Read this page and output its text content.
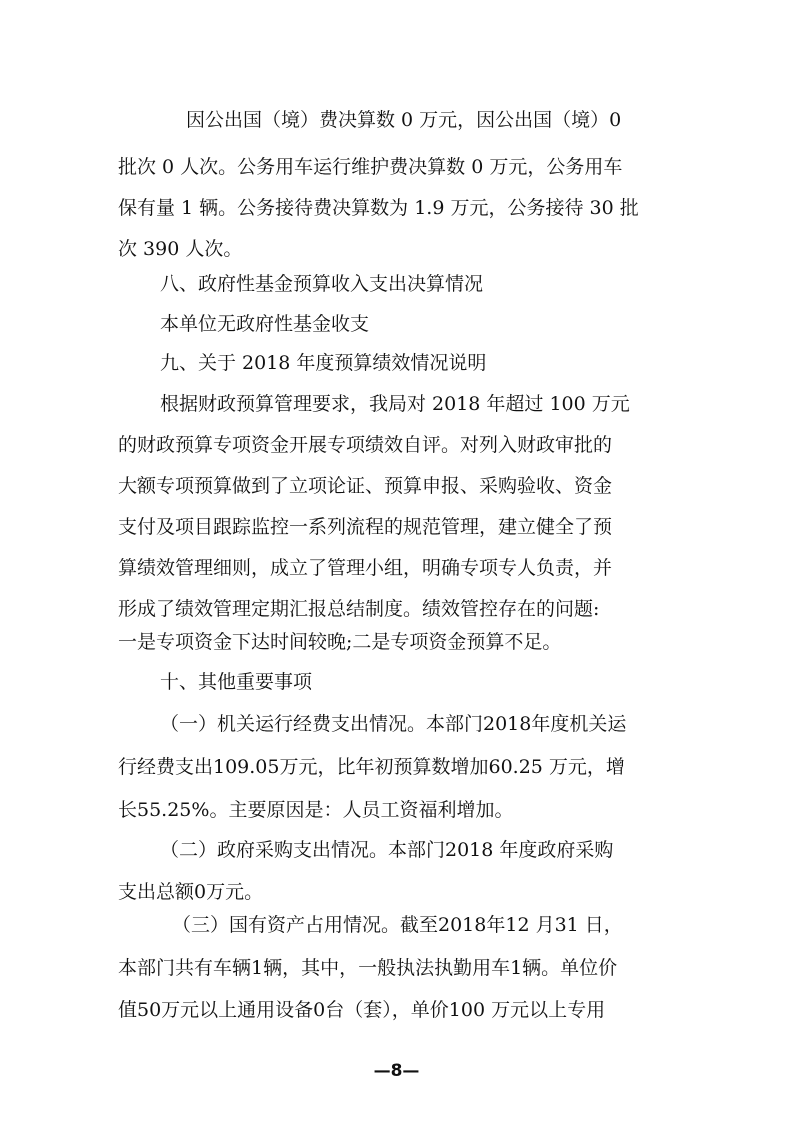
因公出国（境）费决算数 0 万元，因公出国（境）0

批次 0 人次。公务用车运行维护费决算数 0 万元，公务用车

保有量 1 辆。公务接待费决算数为 1.9 万元，公务接待 30 批

次 390 人次。

八、政府性基金预算收入支出决算情况

本单位无政府性基金收支

九、关于 2018 年度预算绩效情况说明

根据财政预算管理要求，我局对 2018 年超过 100 万元

的财政预算专项资金开展专项绩效自评。对列入财政审批的

大额专项预算做到了立项论证、预算申报、采购验收、资金

支付及项目跟踪监控一系列流程的规范管理，建立健全了预

算绩效管理细则，成立了管理小组，明确专项专人负责，并

形成了绩效管理定期汇报总结制度。绩效管控存在的问题:

一是专项资金下达时间较晚;二是专项资金预算不足。

十、其他重要事项

（一）机关运行经费支出情况。本部门2018年度机关运

行经费支出109.05万元，比年初预算数增加60.25 万元，增

长55.25%。主要原因是：人员工资福利增加。

（二）政府采购支出情况。本部门2018 年度政府采购

支出总额0万元。

（三）国有资产占用情况。截至2018年12 月31 日，

本部门共有车辆1辆，其中，一般执法执勤用车1辆。单位价

值50万元以上通用设备0台（套），单价100 万元以上专用

—8—
